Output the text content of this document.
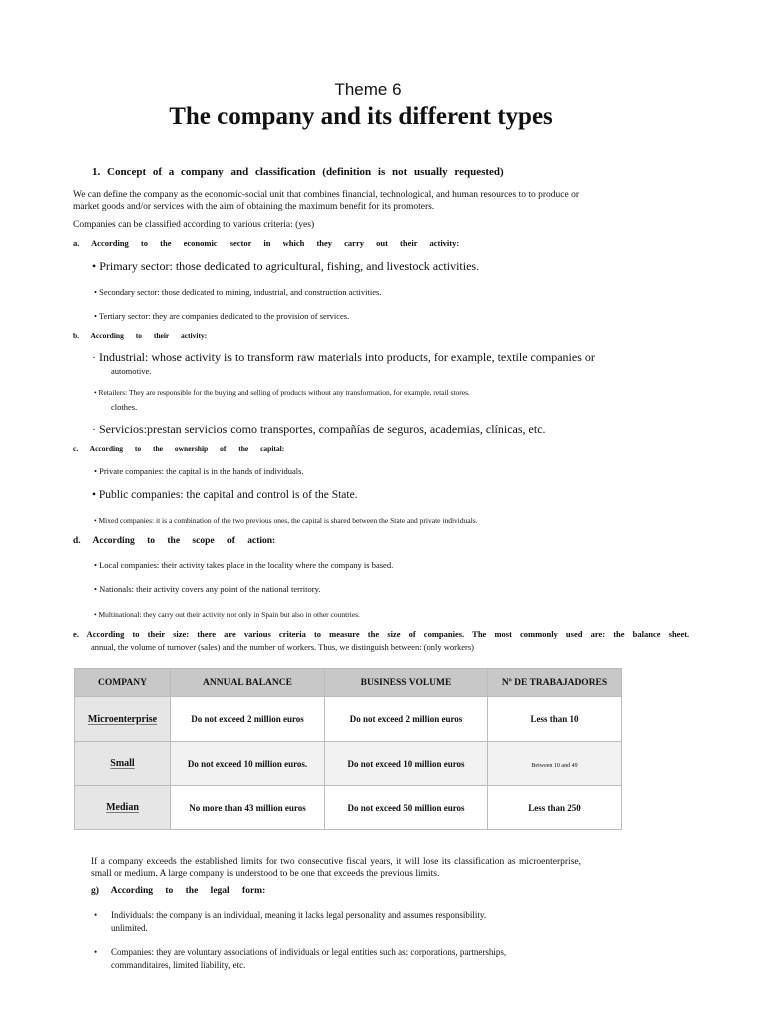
Theme 6
The company and its different types
1. Concept of a company and classification (definition is not usually requested)
We can define the company as the economic-social unit that combines financial, technological, and human resources to to produce or market goods and/or services with the aim of obtaining the maximum benefit for its promoters.
Companies can be classified according to various criteria: (yes)
a. According to the economic sector in which they carry out their activity:
• Primary sector: those dedicated to agricultural, fishing, and livestock activities.
• Secondary sector: those dedicated to mining, industrial, and construction activities.
• Tertiary sector: they are companies dedicated to the provision of services.
b. According to their activity:
· Industrial: whose activity is to transform raw materials into products, for example, textile companies or
automotive.
• Retailers: They are responsible for the buying and selling of products without any transformation, for example, retail stores.
clothes.
· Servicios:prestan servicios como transportes, compañías de seguros, academias, clínicas, etc.
c. According to the ownership of the capital:
• Private companies: the capital is in the hands of individuals.
• Public companies: the capital and control is of the State.
• Mixed companies: it is a combination of the two previous ones, the capital is shared between the State and private individuals.
d. According to the scope of action:
• Local companies: their activity takes place in the locality where the company is based.
• Nationals: their activity covers any point of the national territory.
• Multinational: they carry out their activity not only in Spain but also in other countries.
e. According to their size: there are various criteria to measure the size of companies. The most commonly used are: the balance sheet.
annual, the volume of turnover (sales) and the number of workers. Thus, we distinguish between: (only workers)
COMPANY	ANNUAL BALANCE	BUSINESS VOLUME	Nº DE TRABAJADORES
Microenterprise	Do not exceed 2 million euros	Do not exceed 2 million euros	Less than 10
Small	Do not exceed 10 million euros.	Do not exceed 10 million euros	Between 10 and 49
Median	No more than 43 million euros	Do not exceed 50 million euros	Less than 250
If a company exceeds the established limits for two consecutive fiscal years, it will lose its classification as microenterprise, small or medium. A large company is understood to be one that exceeds the previous limits.
g) According to the legal form:
• Individuals: the company is an individual, meaning it lacks legal personality and assumes responsibility.
unlimited.
• Companies: they are voluntary associations of individuals or legal entities such as: corporations, partnerships,
commanditaires, limited liability, etc.
